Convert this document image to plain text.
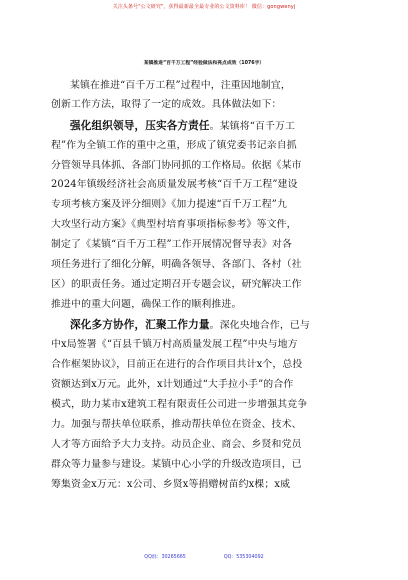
关注头条号"公文研究"，获得最新最全最专业的公文资料库！ 微信：gongwenyj
某镇推进“百千万工程”经验做法和亮点成效（1076字）
某镇在推进“百千万工程”过程中，注重因地制宜，
创新工作方法，取得了一定的成效。具体做法如下：
强化组织领导，压实各方责任。某镇将“百千万工
程”作为全镇工作的重中之重，形成了镇党委书记亲自抓
分管领导具体抓、各部门协同抓的工作格局。依据《某市
2024年镇级经济社会高质量发展考核“百千万工程”建设
专项考核方案及评分细则》《加力提速“百千万工程”九
大攻坚行动方案》《典型村培育事项指标参考》等文件，
制定了《某镇“百千万工程”工作开展情况督导表》对各
项任务进行了细化分解，明确各领导、各部门、各村（社
区）的职责任务。通过定期召开专题会议，研究解决工作
推进中的重大问题，确保工作的顺利推进。
深化多方协作，汇聚工作力量。深化央地合作，已与
中x局签署《“百县千镇万村高质量发展工程”中央与地方
合作框架协议》，目前正在进行的合作项目共计x个，总投
资额达到x万元。此外，x计划通过“大手拉小手”的合作
模式，助力某市x建筑工程有限责任公司进一步增强其竞争
力。加强与帮扶单位联系，推动帮扶单位在资金、技术、
人才等方面给予大力支持。动员企业、商会、乡贤和党员
群众等力量参与建设。某镇中心小学的升级改造项目，已
筹集资金x万元：x公司、乡贤x等捐赠树苗约x棵；x威
QQ群：30265665	QQ：535304092
